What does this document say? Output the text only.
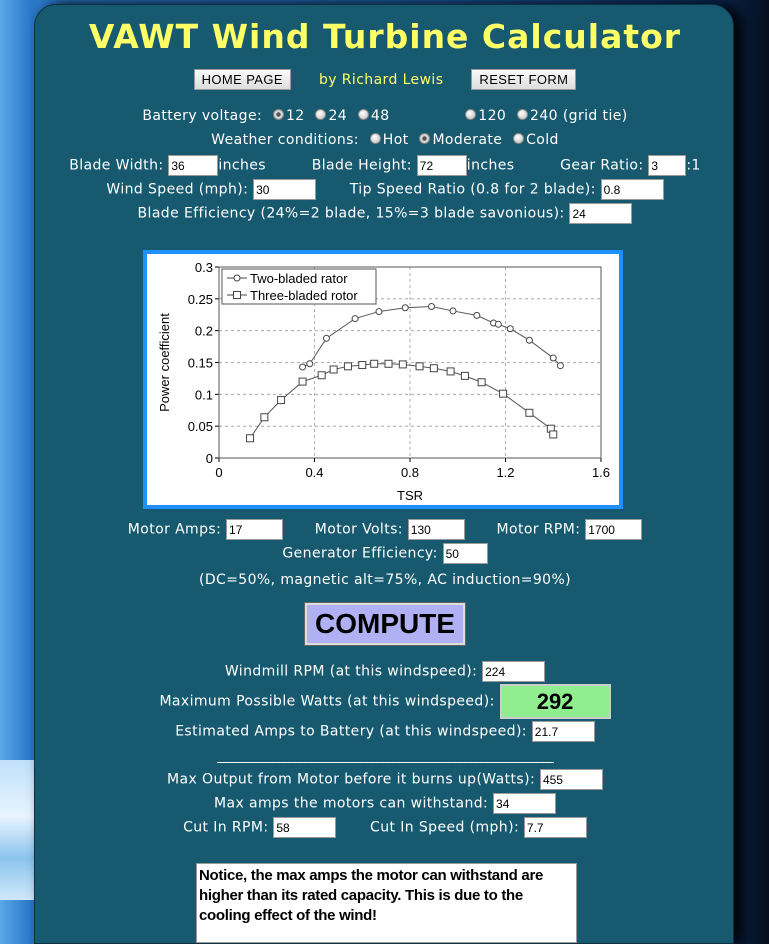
VAWT Wind Turbine Calculator
HOME PAGE	by Richard Lewis	RESET FORM
Battery voltage: 12 24 48	120 240 (grid tie)
Weather conditions: Hot Moderate Cold
Blade Width: 36 inches	Blade Height: 72 inches	Gear Ratio: 3 :1
Wind Speed (mph): 30	Tip Speed Ratio (0.8 for 2 blade): 0.8
Blade Efficiency (24%=2 blade, 15%=3 blade savonious): 24
0
0.05
0.1
0.15
0.2
0.25
0.3
0	0.4	0.8	1.2	1.6
TSR
Power coefficient
Two-bladed rator
Three-bladed rotor
Motor Amps: 17	Motor Volts: 130	Motor RPM: 1700
Generator Efficiency: 50
(DC=50%, magnetic alt=75%, AC induction=90%)
COMPUTE
Windmill RPM (at this windspeed): 224
Maximum Possible Watts (at this windspeed): 292
Estimated Amps to Battery (at this windspeed): 21.7
_____________________________________________________________
Max Output from Motor before it burns up(Watts): 455
Max amps the motors can withstand: 34
Cut In RPM: 58	Cut In Speed (mph): 7.7
Notice, the max amps the motor can withstand are higher than its rated capacity. This is due to the cooling effect of the wind!
